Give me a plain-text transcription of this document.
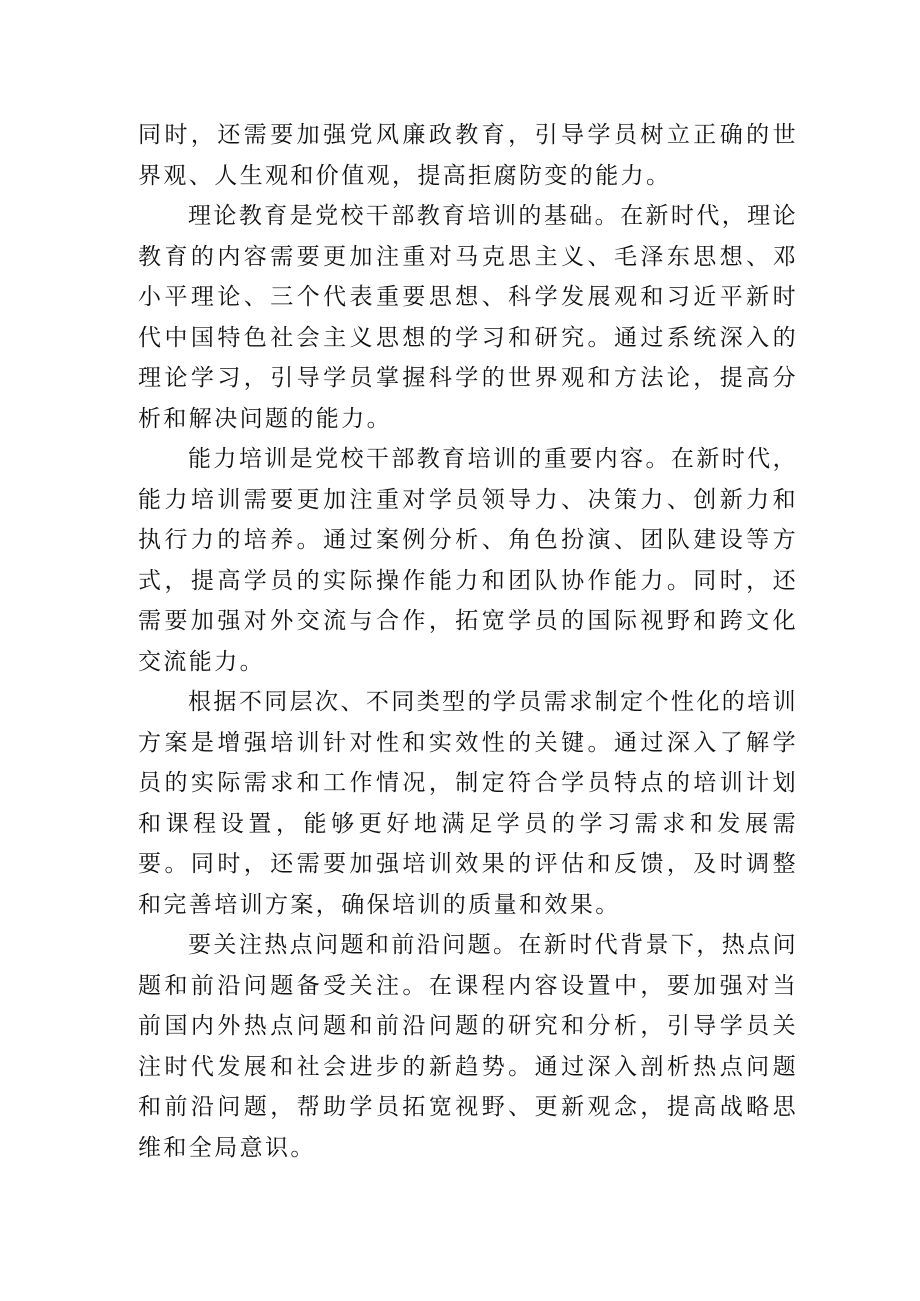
同时，还需要加强党风廉政教育，引导学员树立正确的世界观、人生观和价值观，提高拒腐防变的能力。

理论教育是党校干部教育培训的基础。在新时代，理论教育的内容需要更加注重对马克思主义、毛泽东思想、邓小平理论、三个代表重要思想、科学发展观和习近平新时代中国特色社会主义思想的学习和研究。通过系统深入的理论学习，引导学员掌握科学的世界观和方法论，提高分析和解决问题的能力。

能力培训是党校干部教育培训的重要内容。在新时代，能力培训需要更加注重对学员领导力、决策力、创新力和执行力的培养。通过案例分析、角色扮演、团队建设等方式，提高学员的实际操作能力和团队协作能力。同时，还需要加强对外交流与合作，拓宽学员的国际视野和跨文化交流能力。

根据不同层次、不同类型的学员需求制定个性化的培训方案是增强培训针对性和实效性的关键。通过深入了解学员的实际需求和工作情况，制定符合学员特点的培训计划和课程设置，能够更好地满足学员的学习需求和发展需要。同时，还需要加强培训效果的评估和反馈，及时调整和完善培训方案，确保培训的质量和效果。

要关注热点问题和前沿问题。在新时代背景下，热点问题和前沿问题备受关注。在课程内容设置中，要加强对当前国内外热点问题和前沿问题的研究和分析，引导学员关注时代发展和社会进步的新趋势。通过深入剖析热点问题和前沿问题，帮助学员拓宽视野、更新观念，提高战略思维和全局意识。
